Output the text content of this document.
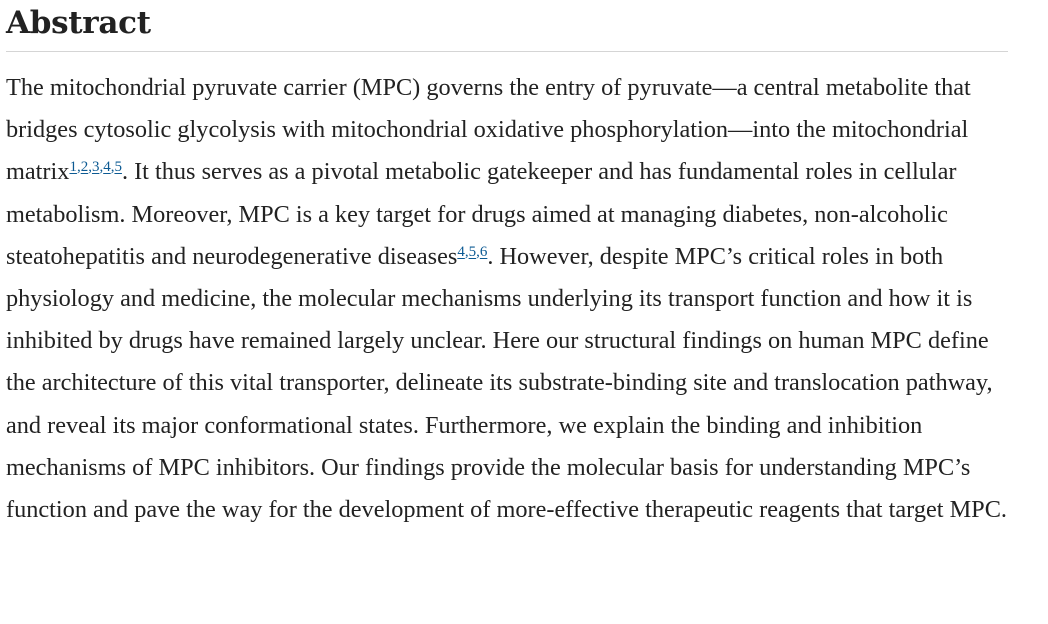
Abstract

The mitochondrial pyruvate carrier (MPC) governs the entry of pyruvate—a central metabolite that bridges cytosolic glycolysis with mitochondrial oxidative phosphorylation—into the mitochondrial matrix$^{1,2,3,4,5}$. It thus serves as a pivotal metabolic gatekeeper and has fundamental roles in cellular metabolism. Moreover, MPC is a key target for drugs aimed at managing diabetes, non-alcoholic steatohepatitis and neurodegenerative diseases$^{4,5,6}$. However, despite MPC’s critical roles in both physiology and medicine, the molecular mechanisms underlying its transport function and how it is inhibited by drugs have remained largely unclear. Here our structural findings on human MPC define the architecture of this vital transporter, delineate its substrate-binding site and translocation pathway, and reveal its major conformational states. Furthermore, we explain the binding and inhibition mechanisms of MPC inhibitors. Our findings provide the molecular basis for understanding MPC’s function and pave the way for the development of more-effective therapeutic reagents that target MPC.
